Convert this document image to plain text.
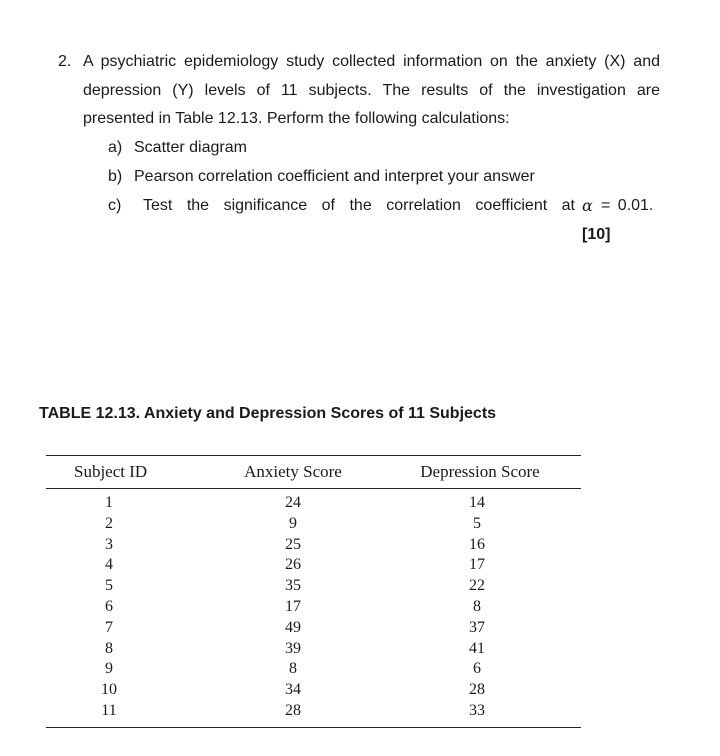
2. A psychiatric epidemiology study collected information on the anxiety (X) and
depression (Y) levels of 11 subjects. The results of the investigation are
presented in Table 12.13. Perform the following calculations:
a) Scatter diagram
b) Pearson correlation coefficient and interpret your answer
c) Test the significance of the correlation coefficient at α = 0.01.
[10]
TABLE 12.13. Anxiety and Depression Scores of 11 Subjects
Subject ID	Anxiety Score	Depression Score
1	24	14
2	9	5
3	25	16
4	26	17
5	35	22
6	17	8
7	49	37
8	39	41
9	8	6
10	34	28
11	28	33
